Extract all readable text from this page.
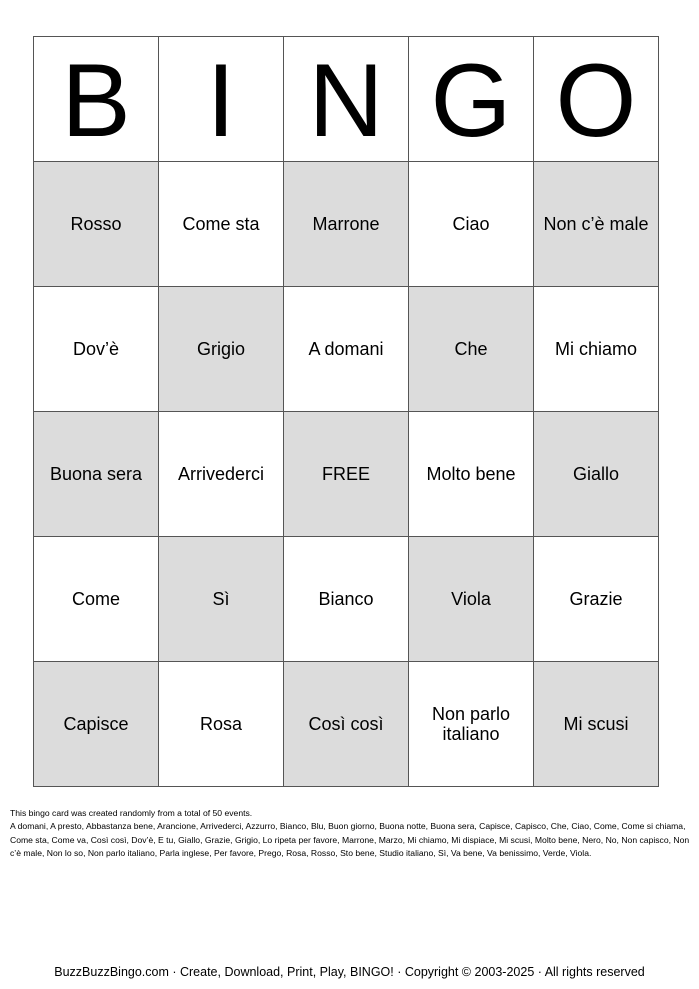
B	I	N	G	O
Rosso	Come sta	Marrone	Ciao	Non c’è male
Dov’è	Grigio	A domani	Che	Mi chiamo
Buona sera	Arrivederci	FREE	Molto bene	Giallo
Come	Sì	Bianco	Viola	Grazie
Capisce	Rosa	Così così	Non parlo italiano	Mi scusi
This bingo card was created randomly from a total of 50 events.
A domani, A presto, Abbastanza bene, Arancione, Arrivederci, Azzurro, Bianco, Blu, Buon giorno, Buona notte, Buona sera, Capisce, Capisco, Che, Ciao, Come, Come si chiama, Come sta, Come va, Così così, Dov’è, E tu, Giallo, Grazie, Grigio, Lo ripeta per favore, Marrone, Marzo, Mi chiamo, Mi dispiace, Mi scusi, Molto bene, Nero, No, Non capisco, Non c’è male, Non lo so, Non parlo italiano, Parla inglese, Per favore, Prego, Rosa, Rosso, Sto bene, Studio italiano, Sì, Va bene, Va benissimo, Verde, Viola.
BuzzBuzzBingo.com · Create, Download, Print, Play, BINGO! · Copyright © 2003-2025 · All rights reserved
